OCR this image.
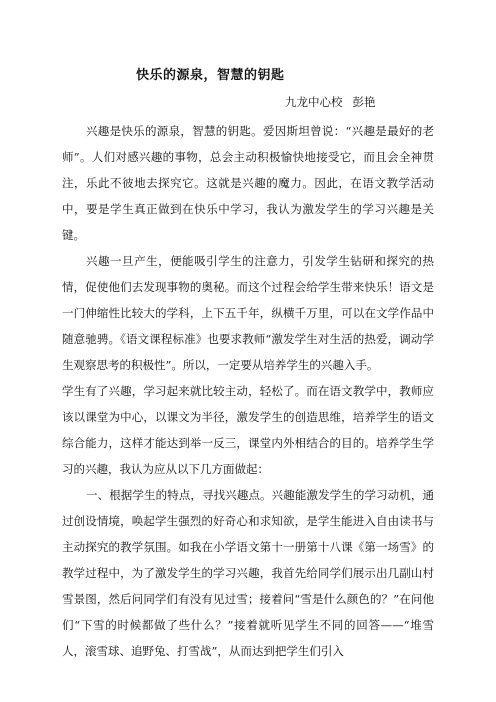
快乐的源泉，智慧的钥匙
九龙中心校 彭艳

兴趣是快乐的源泉，智慧的钥匙。爱因斯坦曾说：“兴趣是最好的老师”。人们对感兴趣的事物，总会主动积极愉快地接受它，而且会全神贯注，乐此不彼地去探究它。这就是兴趣的魔力。因此，在语文教学活动中，要是学生真正做到在快乐中学习，我认为激发学生的学习兴趣是关键。

兴趣一旦产生，便能吸引学生的注意力，引发学生钻研和探究的热情，促使他们去发现事物的奥秘。而这个过程会给学生带来快乐！语文是一门伸缩性比较大的学科，上下五千年，纵横千万里，可以在文学作品中随意驰骋。《语文课程标准》也要求教师“激发学生对生活的热爱，调动学生观察思考的积极性”。所以，一定要从培养学生的兴趣入手。

学生有了兴趣，学习起来就比较主动，轻松了。而在语文教学中，教师应该以课堂为中心，以课文为半径，激发学生的创造思维，培养学生的语文综合能力，这样才能达到举一反三，课堂内外相结合的目的。培养学生学习的兴趣，我认为应从以下几方面做起：

一、根据学生的特点，寻找兴趣点。兴趣能激发学生的学习动机，通过创设情境，唤起学生强烈的好奇心和求知欲，是学生能进入自由读书与主动探究的教学氛围。如我在小学语文第十一册第十八课《第一场雪》的教学过程中，为了激发学生的学习兴趣，我首先给同学们展示出几副山村雪景图，然后问同学们有没有见过雪；接着问“雪是什么颜色的？”在问他们“下雪的时候都做了些什么？”接着就听见学生不同的回答——“堆雪人，滚雪球、追野兔、打雪战”，从而达到把学生们引入
